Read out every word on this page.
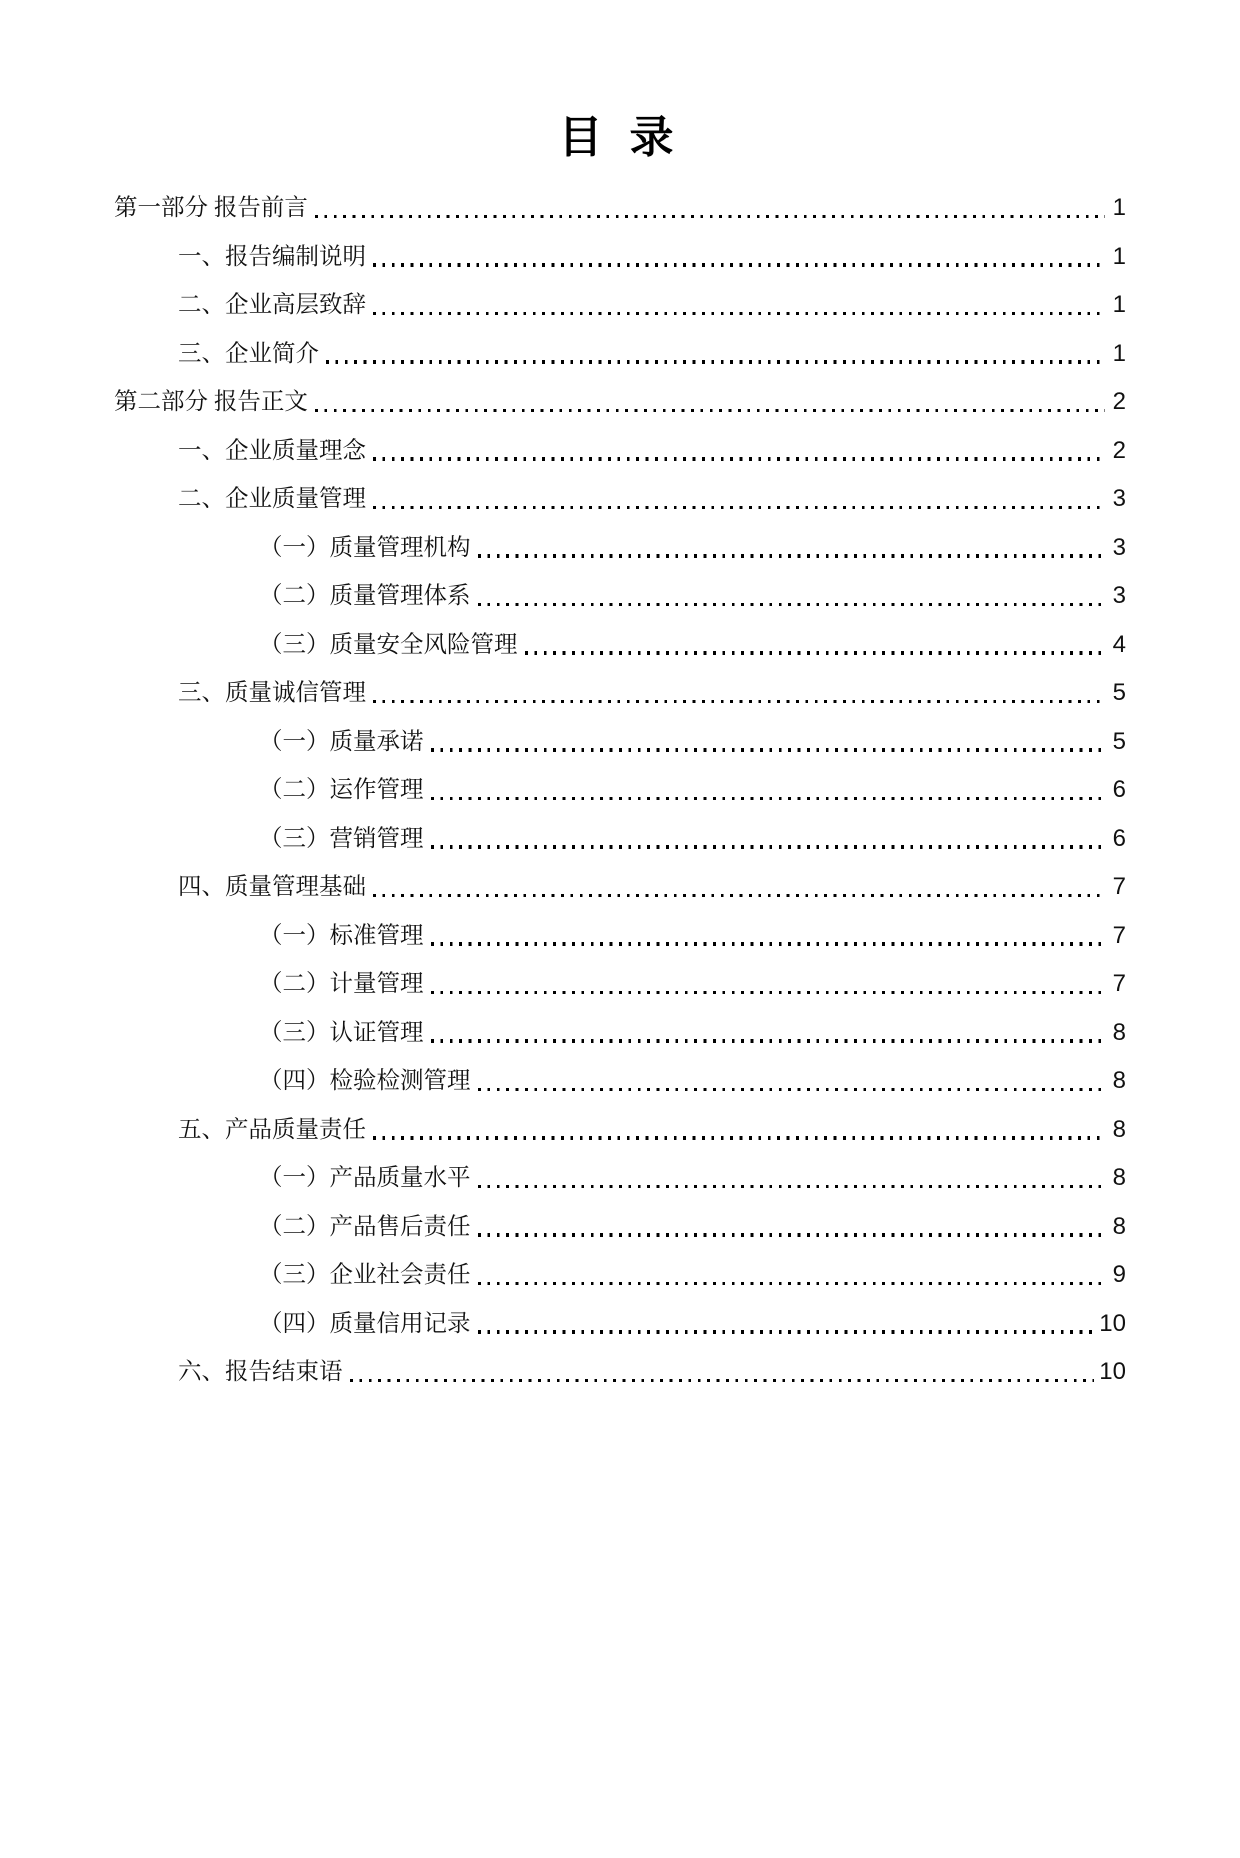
目 录
第一部分 报告前言	1
一、报告编制说明	1
二、企业高层致辞	1
三、企业简介	1
第二部分 报告正文	2
一、企业质量理念	2
二、企业质量管理	3
（一）质量管理机构	3
（二）质量管理体系	3
（三）质量安全风险管理	4
三、质量诚信管理	5
（一）质量承诺	5
（二）运作管理	6
（三）营销管理	6
四、质量管理基础	7
（一）标准管理	7
（二）计量管理	7
（三）认证管理	8
（四）检验检测管理	8
五、产品质量责任	8
（一）产品质量水平	8
（二）产品售后责任	8
（三）企业社会责任	9
（四）质量信用记录	10
六、报告结束语	10
